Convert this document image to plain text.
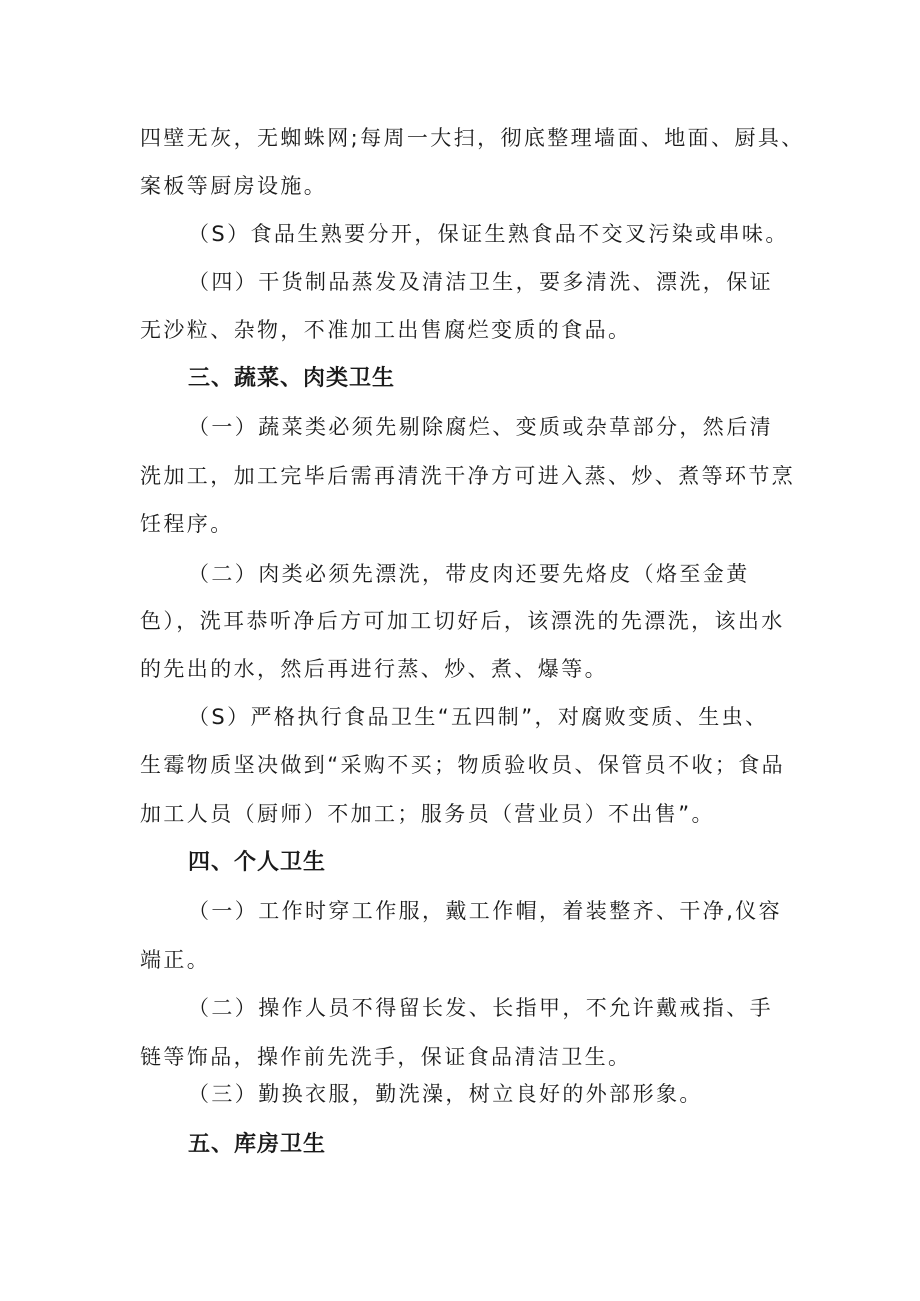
四壁无灰，无蜘蛛网;每周一大扫，彻底整理墙面、地面、厨具、
案板等厨房设施。
（S）食品生熟要分开，保证生熟食品不交叉污染或串味。
（四）干货制品蒸发及清洁卫生，要多清洗、漂洗，保证
无沙粒、杂物，不准加工出售腐烂变质的食品。
三、蔬菜、肉类卫生
（一）蔬菜类必须先剔除腐烂、变质或杂草部分，然后清
洗加工，加工完毕后需再清洗干净方可进入蒸、炒、煮等环节烹
饪程序。
（二）肉类必须先漂洗，带皮肉还要先烙皮（烙至金黄
色），洗耳恭听净后方可加工切好后，该漂洗的先漂洗，该出水
的先出的水，然后再进行蒸、炒、煮、爆等。
（S）严格执行食品卫生“五四制”，对腐败变质、生虫、
生霉物质坚决做到“采购不买；物质验收员、保管员不收；食品
加工人员（厨师）不加工；服务员（营业员）不出售”。
四、个人卫生
（一）工作时穿工作服，戴工作帽，着装整齐、干净,仪容
端正。
（二）操作人员不得留长发、长指甲，不允许戴戒指、手
链等饰品，操作前先洗手，保证食品清洁卫生。
（三）勤换衣服，勤洗澡，树立良好的外部形象。
五、库房卫生
